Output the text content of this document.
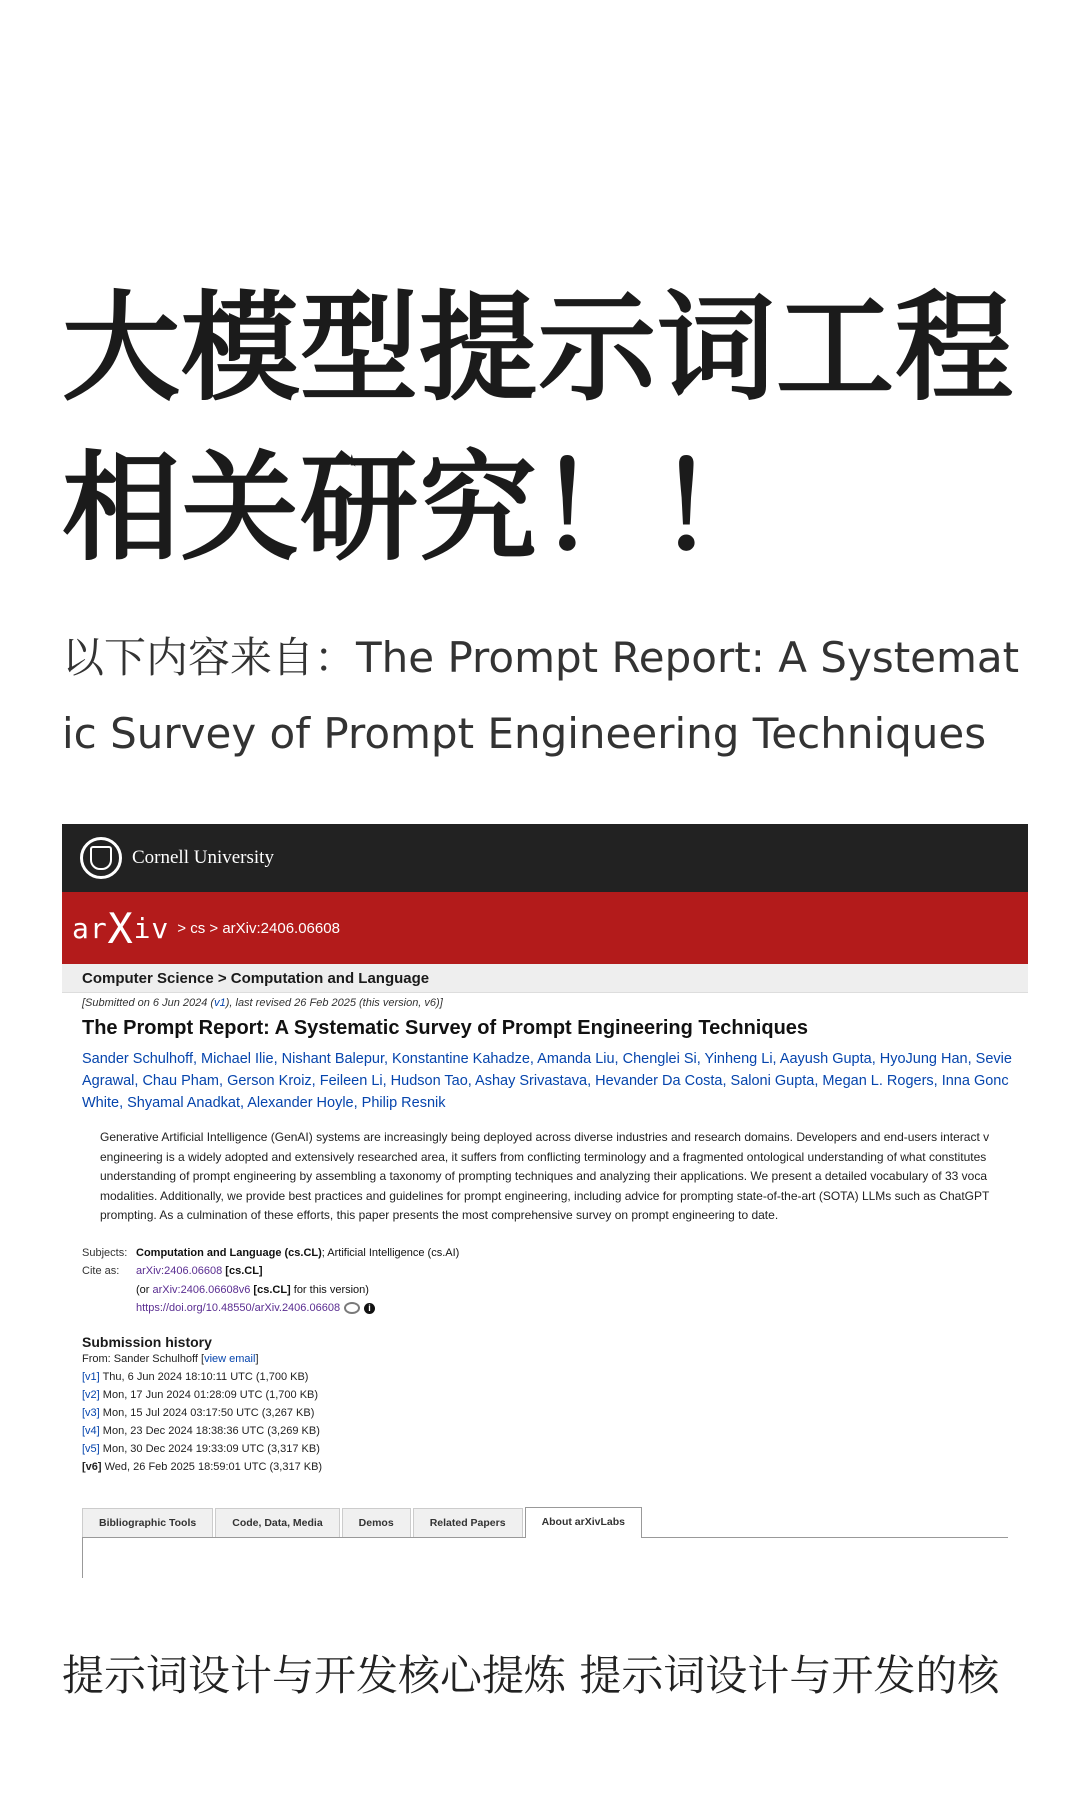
大模型提示词工程相关研究！！

以下内容来自：The Prompt Report: A Systematic Survey of Prompt Engineering Techniques

Cornell University
arXiv > cs > arXiv:2406.06608
Computer Science > Computation and Language
[Submitted on 6 Jun 2024 (v1), last revised 26 Feb 2025 (this version, v6)]
The Prompt Report: A Systematic Survey of Prompt Engineering Techniques
Sander Schulhoff, Michael Ilie, Nishant Balepur, Konstantine Kahadze, Amanda Liu, Chenglei Si, Yinheng Li, Aayush Gupta, HyoJung Han, Sevie
Agrawal, Chau Pham, Gerson Kroiz, Feileen Li, Hudson Tao, Ashay Srivastava, Hevander Da Costa, Saloni Gupta, Megan L. Rogers, Inna Gonc
White, Shyamal Anadkat, Alexander Hoyle, Philip Resnik
Generative Artificial Intelligence (GenAI) systems are increasingly being deployed across diverse industries and research domains. Developers and end-users interact v
engineering is a widely adopted and extensively researched area, it suffers from conflicting terminology and a fragmented ontological understanding of what constitutes
understanding of prompt engineering by assembling a taxonomy of prompting techniques and analyzing their applications. We present a detailed vocabulary of 33 voca
modalities. Additionally, we provide best practices and guidelines for prompt engineering, including advice for prompting state-of-the-art (SOTA) LLMs such as ChatGPT
prompting. As a culmination of these efforts, this paper presents the most comprehensive survey on prompt engineering to date.
Subjects: Computation and Language (cs.CL); Artificial Intelligence (cs.AI)
Cite as:	arXiv:2406.06608 [cs.CL]
(or arXiv:2406.06608v6 [cs.CL] for this version)
https://doi.org/10.48550/arXiv.2406.06608	i
Submission history
From: Sander Schulhoff [view email]
[v1] Thu, 6 Jun 2024 18:10:11 UTC (1,700 KB)
[v2] Mon, 17 Jun 2024 01:28:09 UTC (1,700 KB)
[v3] Mon, 15 Jul 2024 03:17:50 UTC (3,267 KB)
[v4] Mon, 23 Dec 2024 18:38:36 UTC (3,269 KB)
[v5] Mon, 30 Dec 2024 19:33:09 UTC (3,317 KB)
[v6] Wed, 26 Feb 2025 18:59:01 UTC (3,317 KB)
Bibliographic Tools	Code, Data, Media	Demos	Related Papers	About arXivLabs
提示词设计与开发核心提炼 提示词设计与开发的核
